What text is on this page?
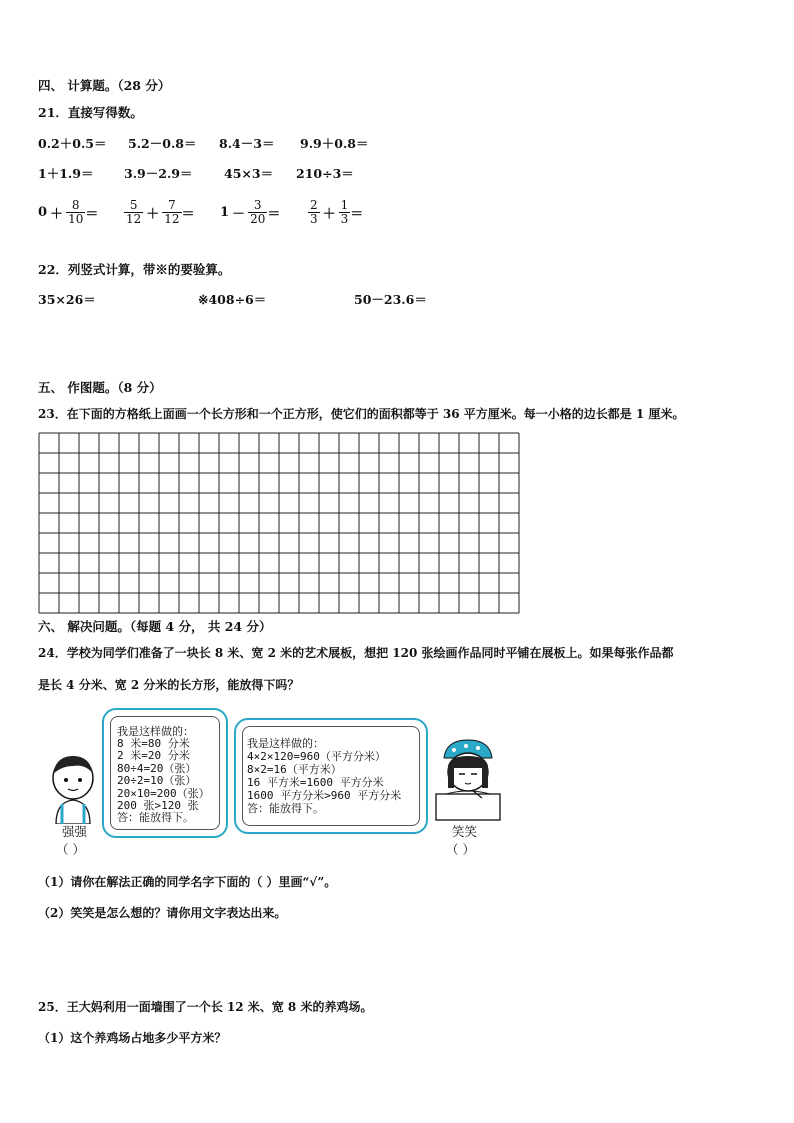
四、 计算题。（28 分）
21．直接写得数。
0.2＋0.5＝ 5.2－0.8＝ 8.4－3＝ 9.9＋0.8＝
1＋1.9＝ 3.9－2.9＝	45×3＝ 210÷3＝
$0 + \frac{8}{10} = \frac{5}{12} + \frac{7}{12} = 1 - \frac{3}{20} = \frac{2}{3} + \frac{1}{3}$ ＝
22．列竖式计算，带※的要验算。
35×26＝	※408÷6＝	50－23.6＝
五、 作图题。（8 分）
23．在下面的方格纸上面画一个长方形和一个正方形，使它们的面积都等于 36 平方厘米。每一小格的边长都是 1 厘米。
六、 解决问题。（每题 4 分， 共 24 分）
24．学校为同学们准备了一块长 8 米、宽 2 米的艺术展板，想把 120 张绘画作品同时平铺在展板上。如果每张作品都
是长 4 分米、宽 2 分米的长方形，能放得下吗？
强强
（ ）
我是这样做的：
8 米=80 分米
2 米=20 分米
80÷4=20（张）
20÷2=10（张）
20×10=200（张）
200 张>120 张
答：能放得下。
我是这样做的：
4×2×120=960（平方分米）
8×2=16（平方米）
16 平方米=1600 平方分米
1600 平方分米>960 平方分米
答：能放得下。
笑笑
（ ）
（1）请你在解法正确的同学名字下面的（ ）里画“√”。
（2）笑笑是怎么想的？请你用文字表达出来。
25．王大妈利用一面墙围了一个长 12 米、宽 8 米的养鸡场。
（1）这个养鸡场占地多少平方米？
